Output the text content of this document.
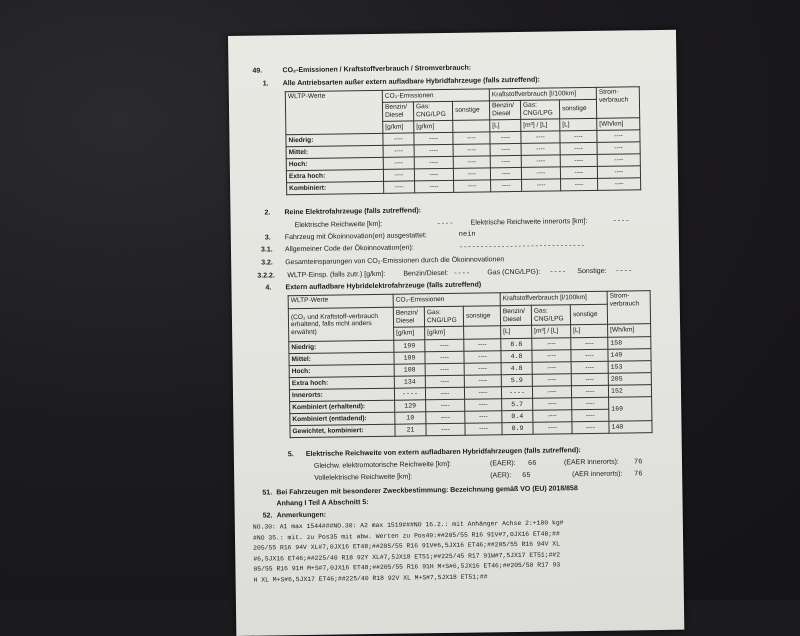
49.	CO₂-Emissionen / Kraftstoffverbrauch / Stromverbrauch:
1. Alle Antriebsarten außer extern aufladbare Hybridfahrzeuge (falls zutreffend):
WLTP-Werte	CO₂-Emissionen			Kraftstoffverbrauch [l/100km]			Strom-verbrauch
	Benzin/ Diesel	Gas: CNG/LPG	sonstige	Benzin/ Diesel	Gas: CNG/LPG	sonstige	
	[g/km]	[g/km]		[L]	[m³] / [L]	[L]	[Wh/km]
Niedrig:	----	----	----	----	----	----	----
Mittel:	----	----	----	----	----	----	----
Hoch:	----	----	----	----	----	----	----
Extra hoch:	----	----	----	----	----	----	----
Kombiniert:	----	----	----	----	----	----	----
2. Reine Elektrofahrzeuge (falls zutreffend):
Elektrische Reichweite [km]:	---- Elektrische Reichweite innerorts [km]:	----
3. Fahrzeug mit Ökoinnovation(en) ausgestattet:	nein
3.1. Allgemeiner Code der Ökoinnovation(en):	------------------------------
3.2. Gesamteinsparungen von CO₂-Emissionen durch die Ökoinnovationen
3.2.2. WLTP-Einsp. (falls zutr.) [g/km]:	Benzin/Diesel: ---- Gas (CNG/LPG): ---- Sonstige: ----
4. Extern aufladbare Hybridelektrofahrzeuge (falls zutreffend)
WLTP-Werte	CO₂-Emissionen			Kraftstoffverbrauch [l/100km]			Strom-verbrauch
(CO₂ und Kraftstoff-verbrauch erhaltend, falls nicht anders erwähnt)	Benzin/ Diesel	Gas: CNG/LPG	sonstige	Benzin/ Diesel	Gas: CNG/LPG	sonstige	
	[g/km]	[g/km]		[L]	[m³] / [L]	[L]	[Wh/km]
Niedrig:	199	----	----	8.8	----	----	158
Mittel:	109	----	----	4.8	----	----	149
Hoch:	108	----	----	4.8	----	----	153
Extra hoch:	134	----	----	5.9	----	----	205
Innerorts:	----	----	----	----	----	----	152
Kombiniert (erhaltend):	129	----	----	5.7	----	----	169
Kombiniert (entladend):	10	----	----	0.4	----	----	
Gewichtet, kombiniert:	21	----	----	0.9	----	----	140
5. Elektrische Reichweite von extern aufladbaren Hybridfahrzeugen (falls zutreffend):
Gleichw. elektromotorische Reichweite [km]:	(EAER): 66	(EAER innerorts): 76
Vollelektrische Reichweite [km]:	(AER): 65	(AER innerorts): 76
51. Bei Fahrzeugen mit besonderer Zweckbestimmung: Bezeichnung gemäß VO (EU) 2018/858
Anhang I Teil A Abschnitt 5:
52. Anmerkungen:
NO.30: A1 max 1544###NO.30: A2 max 1519###NO 16.2.: mit Anhänger Achse 2:+100 kg#
#NO 35.: mit. zu Pos35 mit abw. Werten zu Pos49:##205/55 R16 91V#7,0JX16 ET48;##
205/55 R16 94V XL#7,0JX16 ET48;##205/55 R16 91V#6,5JX16 ET46;##205/55 R16 94V XL
#6,5JX16 ET46;##225/40 R18 92Y XL#7,5JX18 ET51;##225/45 R17 91W#7,5JX17 ET51;##2
05/55 R16 91H M+S#7,0JX16 ET48;##205/55 R16 91H M+S#6,5JX16 ET46;##205/50 R17 93
H XL M+S#6,5JX17 ET46;##225/40 R18 92V XL M+S#7,5JX18 ET51;##
